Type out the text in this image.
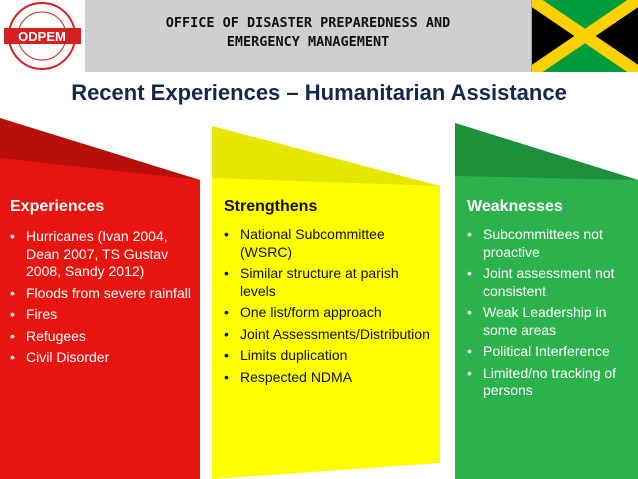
ODPEM
OFFICE OF DISASTER PREPAREDNESS AND
EMERGENCY MANAGEMENT
Recent Experiences – Humanitarian Assistance
Experiences
• Hurricanes (Ivan 2004, Dean 2007, TS Gustav 2008, Sandy 2012)
• Floods from severe rainfall
• Fires
• Refugees
• Civil Disorder
Strengthens
• National Subcommittee (WSRC)
• Similar structure at parish levels
• One list/form approach
• Joint Assessments/Distribution
• Limits duplication
• Respected NDMA
Weaknesses
• Subcommittees not proactive
• Joint assessment not consistent
• Weak Leadership in some areas
• Political Interference
• Limited/no tracking of persons
